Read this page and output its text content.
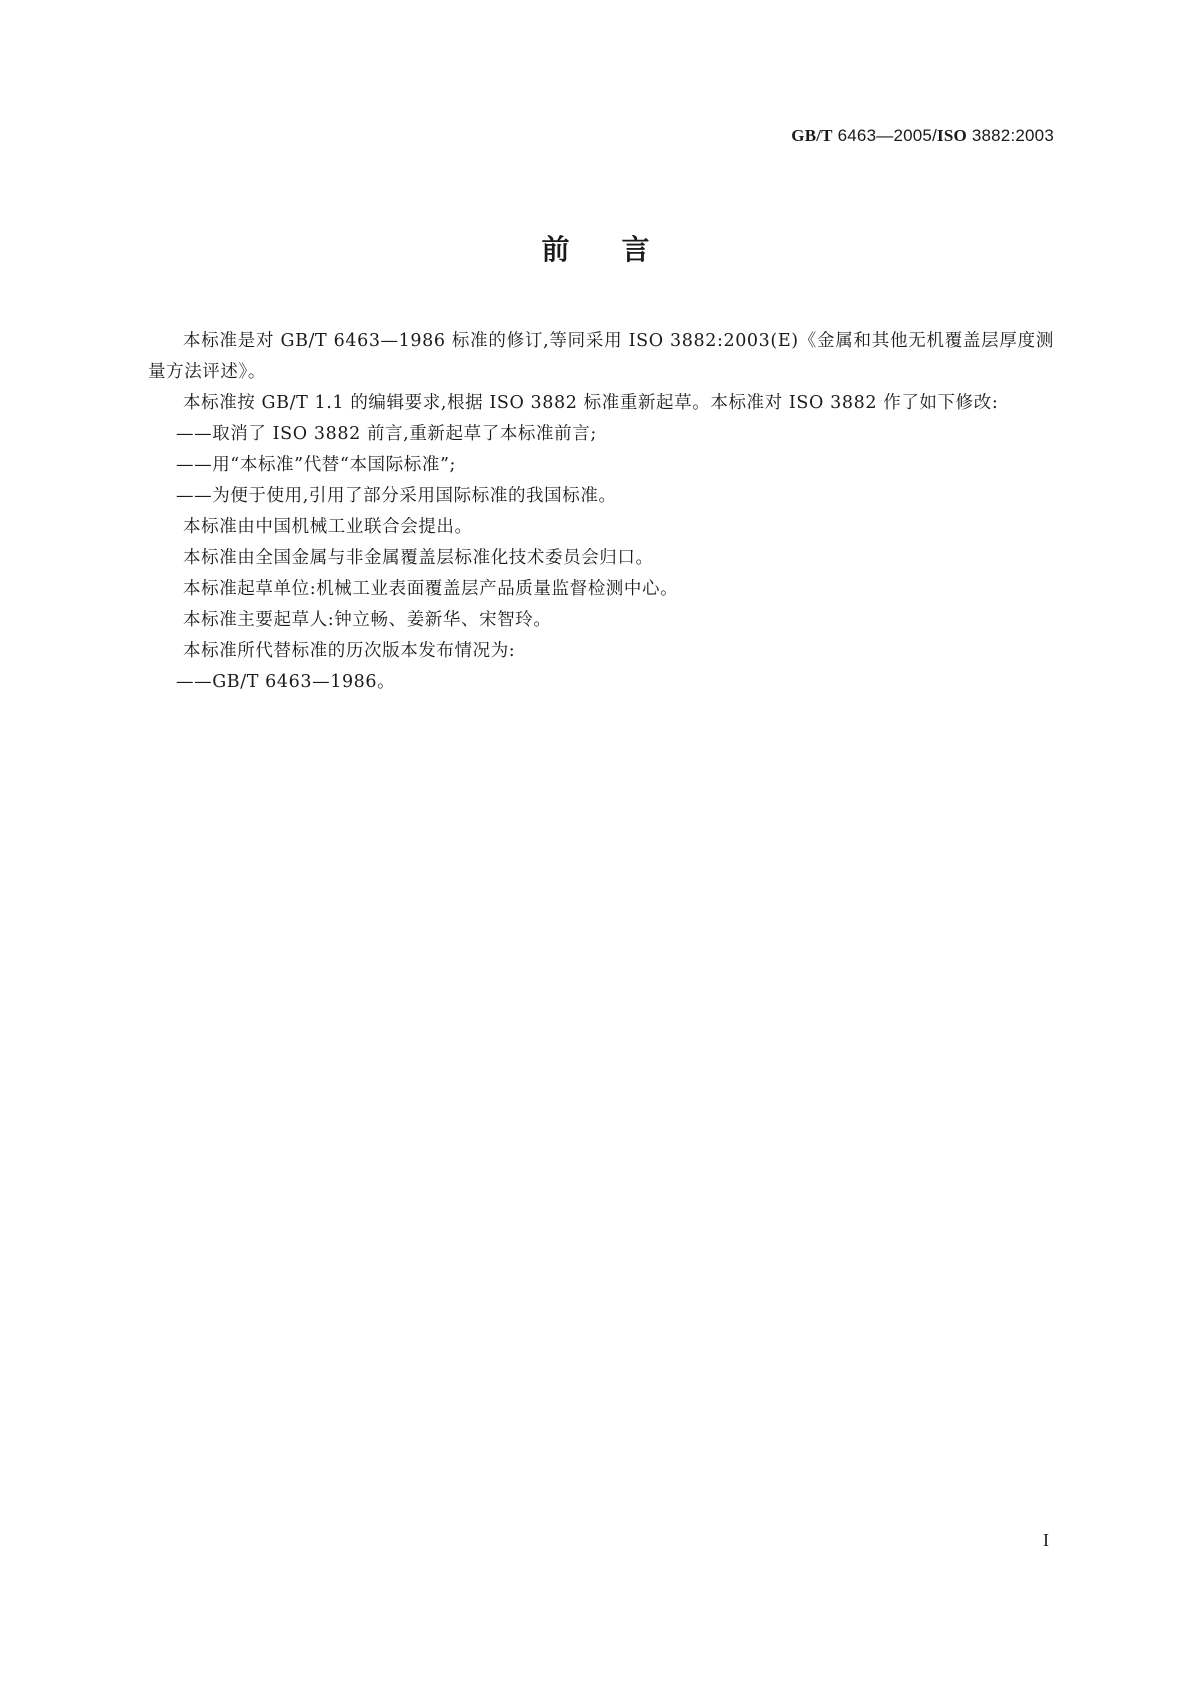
GB/T 6463—2005/ISO 3882:2003
前言

本标准是对 GB/T 6463—1986 标准的修订,等同采用 ISO 3882:2003(E)《金属和其他无机覆盖层厚度测量方法评述》。

本标准按 GB/T 1.1 的编辑要求,根据 ISO 3882 标准重新起草。本标准对 ISO 3882 作了如下修改:

——取消了 ISO 3882 前言,重新起草了本标准前言;

——用“本标准”代替“本国际标准”;

——为便于使用,引用了部分采用国际标准的我国标准。

本标准由中国机械工业联合会提出。

本标准由全国金属与非金属覆盖层标准化技术委员会归口。

本标准起草单位:机械工业表面覆盖层产品质量监督检测中心。

本标准主要起草人:钟立畅、姜新华、宋智玲。

本标准所代替标准的历次版本发布情况为:

——GB/T 6463—1986。

I
